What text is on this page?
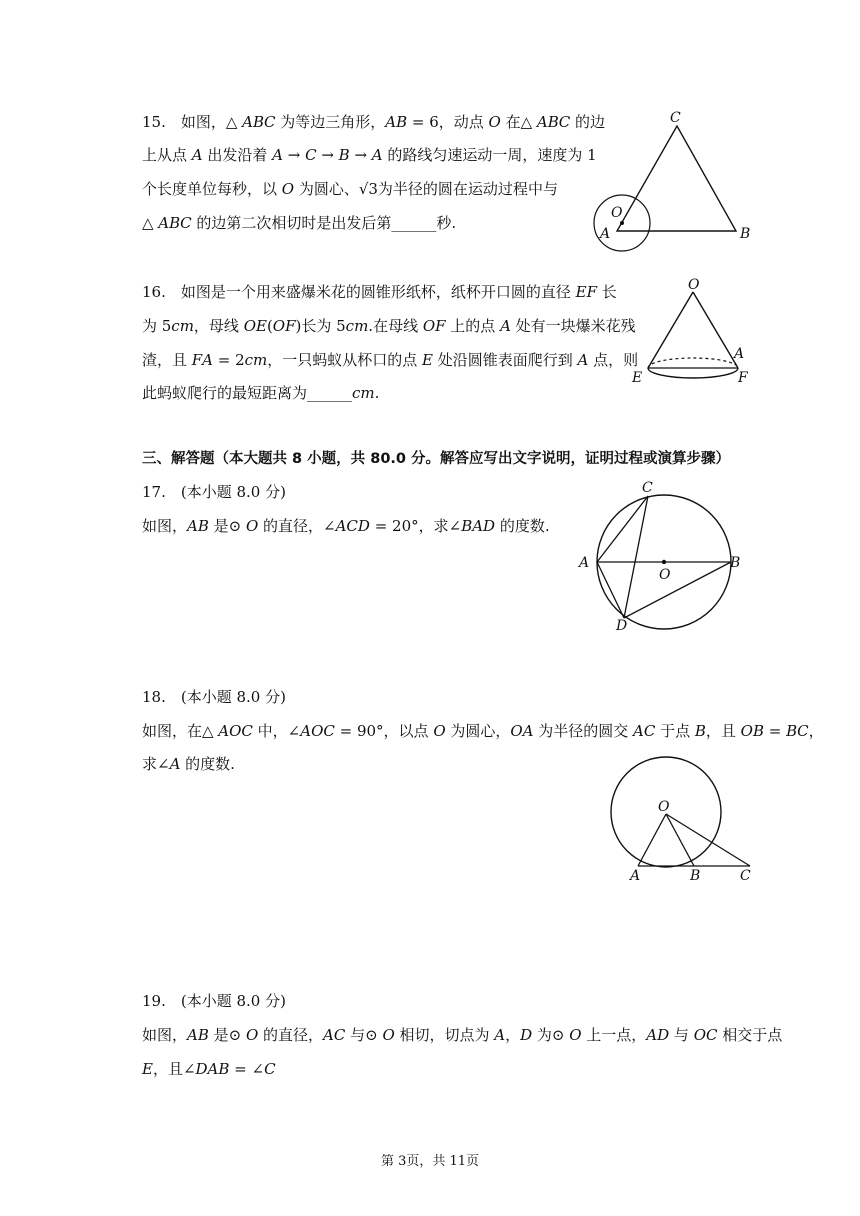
15.　如图，△ 𝐴𝐵𝐶 为等边三角形，𝐴𝐵 = 6，动点 𝑂 在△ 𝐴𝐵𝐶 的边
上从点 𝐴 出发沿着 𝐴 → 𝐶 → 𝐵 → 𝐴 的路线匀速运动一周，速度为 1
个长度单位每秒，以 𝑂 为圆心、√3为半径的圆在运动过程中与
△ 𝐴𝐵𝐶 的边第二次相切时是出发后第______秒.
C
O
A	B
16.　如图是一个用来盛爆米花的圆锥形纸杯，纸杯开口圆的直径 𝐸𝐹 长
为 5𝑐𝑚，母线 𝑂𝐸(𝑂𝐹)长为 5𝑐𝑚.在母线 𝑂𝐹 上的点 𝐴 处有一块爆米花残
渣，且 𝐹𝐴 = 2𝑐𝑚，一只蚂蚁从杯口的点 𝐸 处沿圆锥表面爬行到 𝐴 点，则
此蚂蚁爬行的最短距离为______𝑐𝑚.
O
A
E	F
三、解答题（本大题共 8 小题，共 80.0 分。解答应写出文字说明，证明过程或演算步骤）
17.　(本小题 8.0 分)
如图，𝐴𝐵 是⊙ 𝑂 的直径，∠𝐴𝐶𝐷 = 20°，求∠𝐵𝐴𝐷 的度数.
C
A
O
B
D
18.　(本小题 8.0 分)
如图，在△ 𝐴𝑂𝐶 中，∠𝐴𝑂𝐶 = 90°，以点 𝑂 为圆心，𝑂𝐴 为半径的圆交 𝐴𝐶 于点 𝐵，且 𝑂𝐵 = 𝐵𝐶，
求∠𝐴 的度数.
O
A	B	C
19.　(本小题 8.0 分)
如图，𝐴𝐵 是⊙ 𝑂 的直径，𝐴𝐶 与⊙ 𝑂 相切，切点为 𝐴，𝐷 为⊙ 𝑂 上一点，𝐴𝐷 与 𝑂𝐶 相交于点
𝐸，且∠𝐷𝐴𝐵 = ∠𝐶
第 3页，共 11页
